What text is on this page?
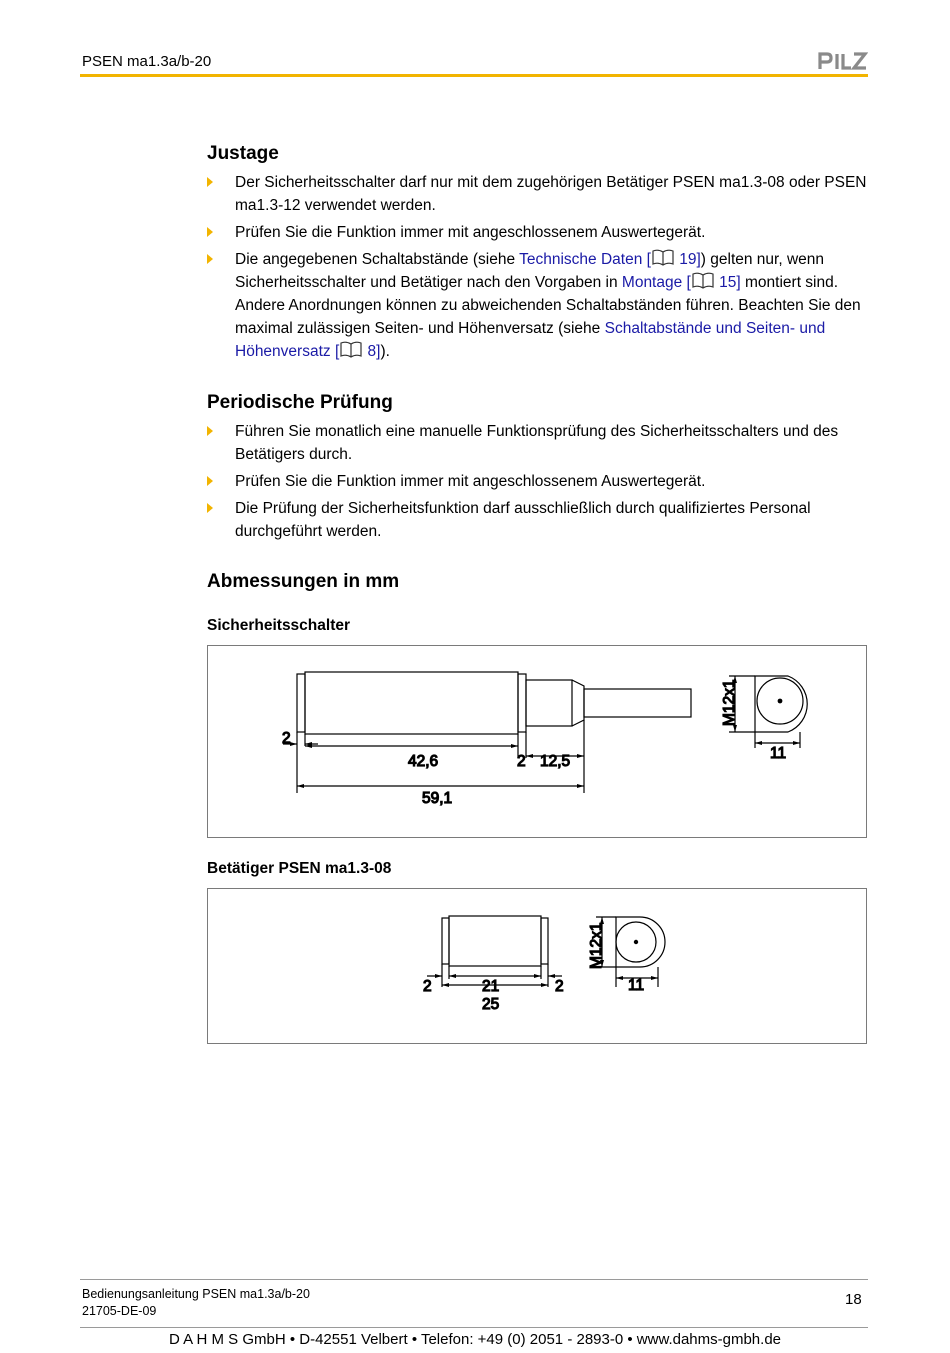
PSEN ma1.3a/b-20
Justage
Der Sicherheitsschalter darf nur mit dem zugehörigen Betätiger PSEN ma1.3-08 oder PSEN ma1.3-12 verwendet werden.
Prüfen Sie die Funktion immer mit angeschlossenem Auswertegerät.
Die angegebenen Schaltabstände (siehe Technische Daten [ 19]) gelten nur, wenn Sicherheitsschalter und Betätiger nach den Vorgaben in Montage [ 15] montiert sind. Andere Anordnungen können zu abweichenden Schaltabständen führen. Beachten Sie den maximal zulässigen Seiten- und Höhenversatz (siehe Schaltabstände und Seiten- und Höhenversatz [ 8]).
Periodische Prüfung
Führen Sie monatlich eine manuelle Funktionsprüfung des Sicherheitsschalters und des Betätigers durch.
Prüfen Sie die Funktion immer mit angeschlossenem Auswertegerät.
Die Prüfung der Sicherheitsfunktion darf ausschließlich durch qualifiziertes Personal durchgeführt werden.
Abmessungen in mm
Sicherheitsschalter
2
42,6	2 12,5
59,1
M12x1
11
Betätiger PSEN ma1.3-08
2	21	2
25
M12x1
11
Bedienungsanleitung PSEN ma1.3a/b-20
21705-DE-09
18
D A H M S GmbH • D-42551 Velbert • Telefon: +49 (0) 2051 - 2893-0 • www.dahms-gmbh.de
